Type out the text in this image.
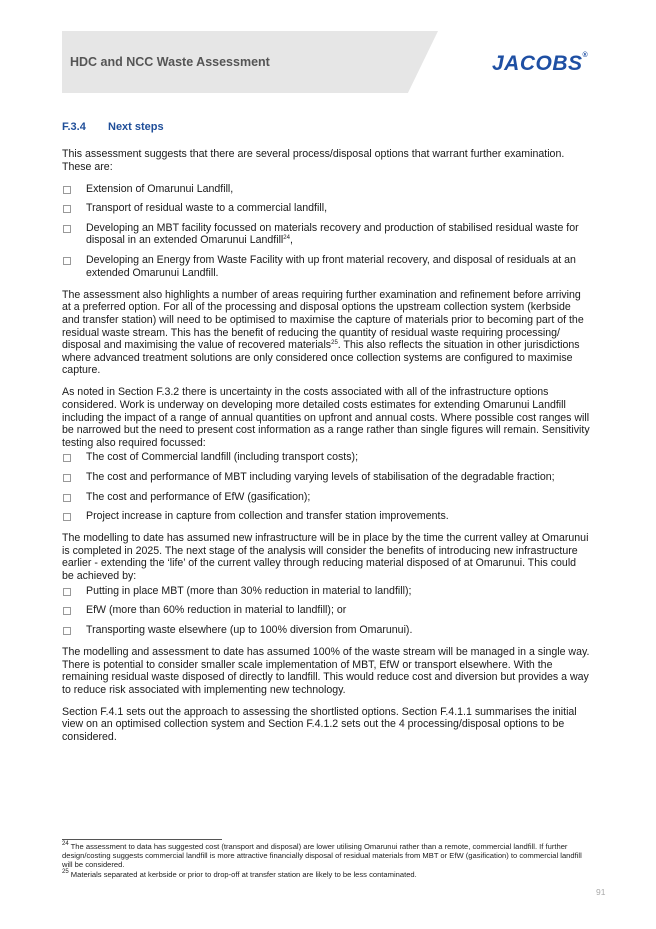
HDC and NCC Waste Assessment	JACOBS®
F.3.4 Next steps

This assessment suggests that there are several process/disposal options that warrant further examination. These are:

Extension of Omarunui Landfill,
Transport of residual waste to a commercial landfill,
Developing an MBT facility focussed on materials recovery and production of stabilised residual waste for disposal in an extended Omarunui Landfill$^{24}$,
Developing an Energy from Waste Facility with up front material recovery, and disposal of residuals at an extended Omarunui Landfill.

The assessment also highlights a number of areas requiring further examination and refinement before arriving at a preferred option. For all of the processing and disposal options the upstream collection system (kerbside and transfer station) will need to be optimised to maximise the capture of materials prior to becoming part of the residual waste stream. This has the benefit of reducing the quantity of residual waste requiring processing/ disposal and maximising the value of recovered materials$^{25}$. This also reflects the situation in other jurisdictions where advanced treatment solutions are only considered once collection systems are configured to maximise capture.

As noted in Section F.3.2 there is uncertainty in the costs associated with all of the infrastructure options considered. Work is underway on developing more detailed costs estimates for extending Omarunui Landfill including the impact of a range of annual quantities on upfront and annual costs. Where possible cost ranges will be narrowed but the need to present cost information as a range rather than single figures will remain. Sensitivity testing also required focussed:

The cost of Commercial landfill (including transport costs);
The cost and performance of MBT including varying levels of stabilisation of the degradable fraction;
The cost and performance of EfW (gasification);
Project increase in capture from collection and transfer station improvements.

The modelling to date has assumed new infrastructure will be in place by the time the current valley at Omarunui is completed in 2025. The next stage of the analysis will consider the benefits of introducing new infrastructure earlier - extending the ‘life’ of the current valley through reducing material disposed of at Omarunui. This could be achieved by:

Putting in place MBT (more than 30% reduction in material to landfill);
EfW (more than 60% reduction in material to landfill); or
Transporting waste elsewhere (up to 100% diversion from Omarunui).

The modelling and assessment to date has assumed 100% of the waste stream will be managed in a single way. There is potential to consider smaller scale implementation of MBT, EfW or transport elsewhere. With the remaining residual waste disposed of directly to landfill. This would reduce cost and diversion but provides a way to reduce risk associated with implementing new technology.

Section F.4.1 sets out the approach to assessing the shortlisted options. Section F.4.1.1 summarises the initial view on an optimised collection system and Section F.4.1.2 sets out the 4 processing/disposal options to be considered.

$^{24}$ The assessment to data has suggested cost (transport and disposal) are lower utilising Omarunui rather than a remote, commercial landfill. If further design/costing suggests commercial landfill is more attractive financially disposal of residual materials from MBT or EfW (gasification) to commercial landfill will be considered.

$^{25}$ Materials separated at kerbside or prior to drop-off at transfer station are likely to be less contaminated.

91
